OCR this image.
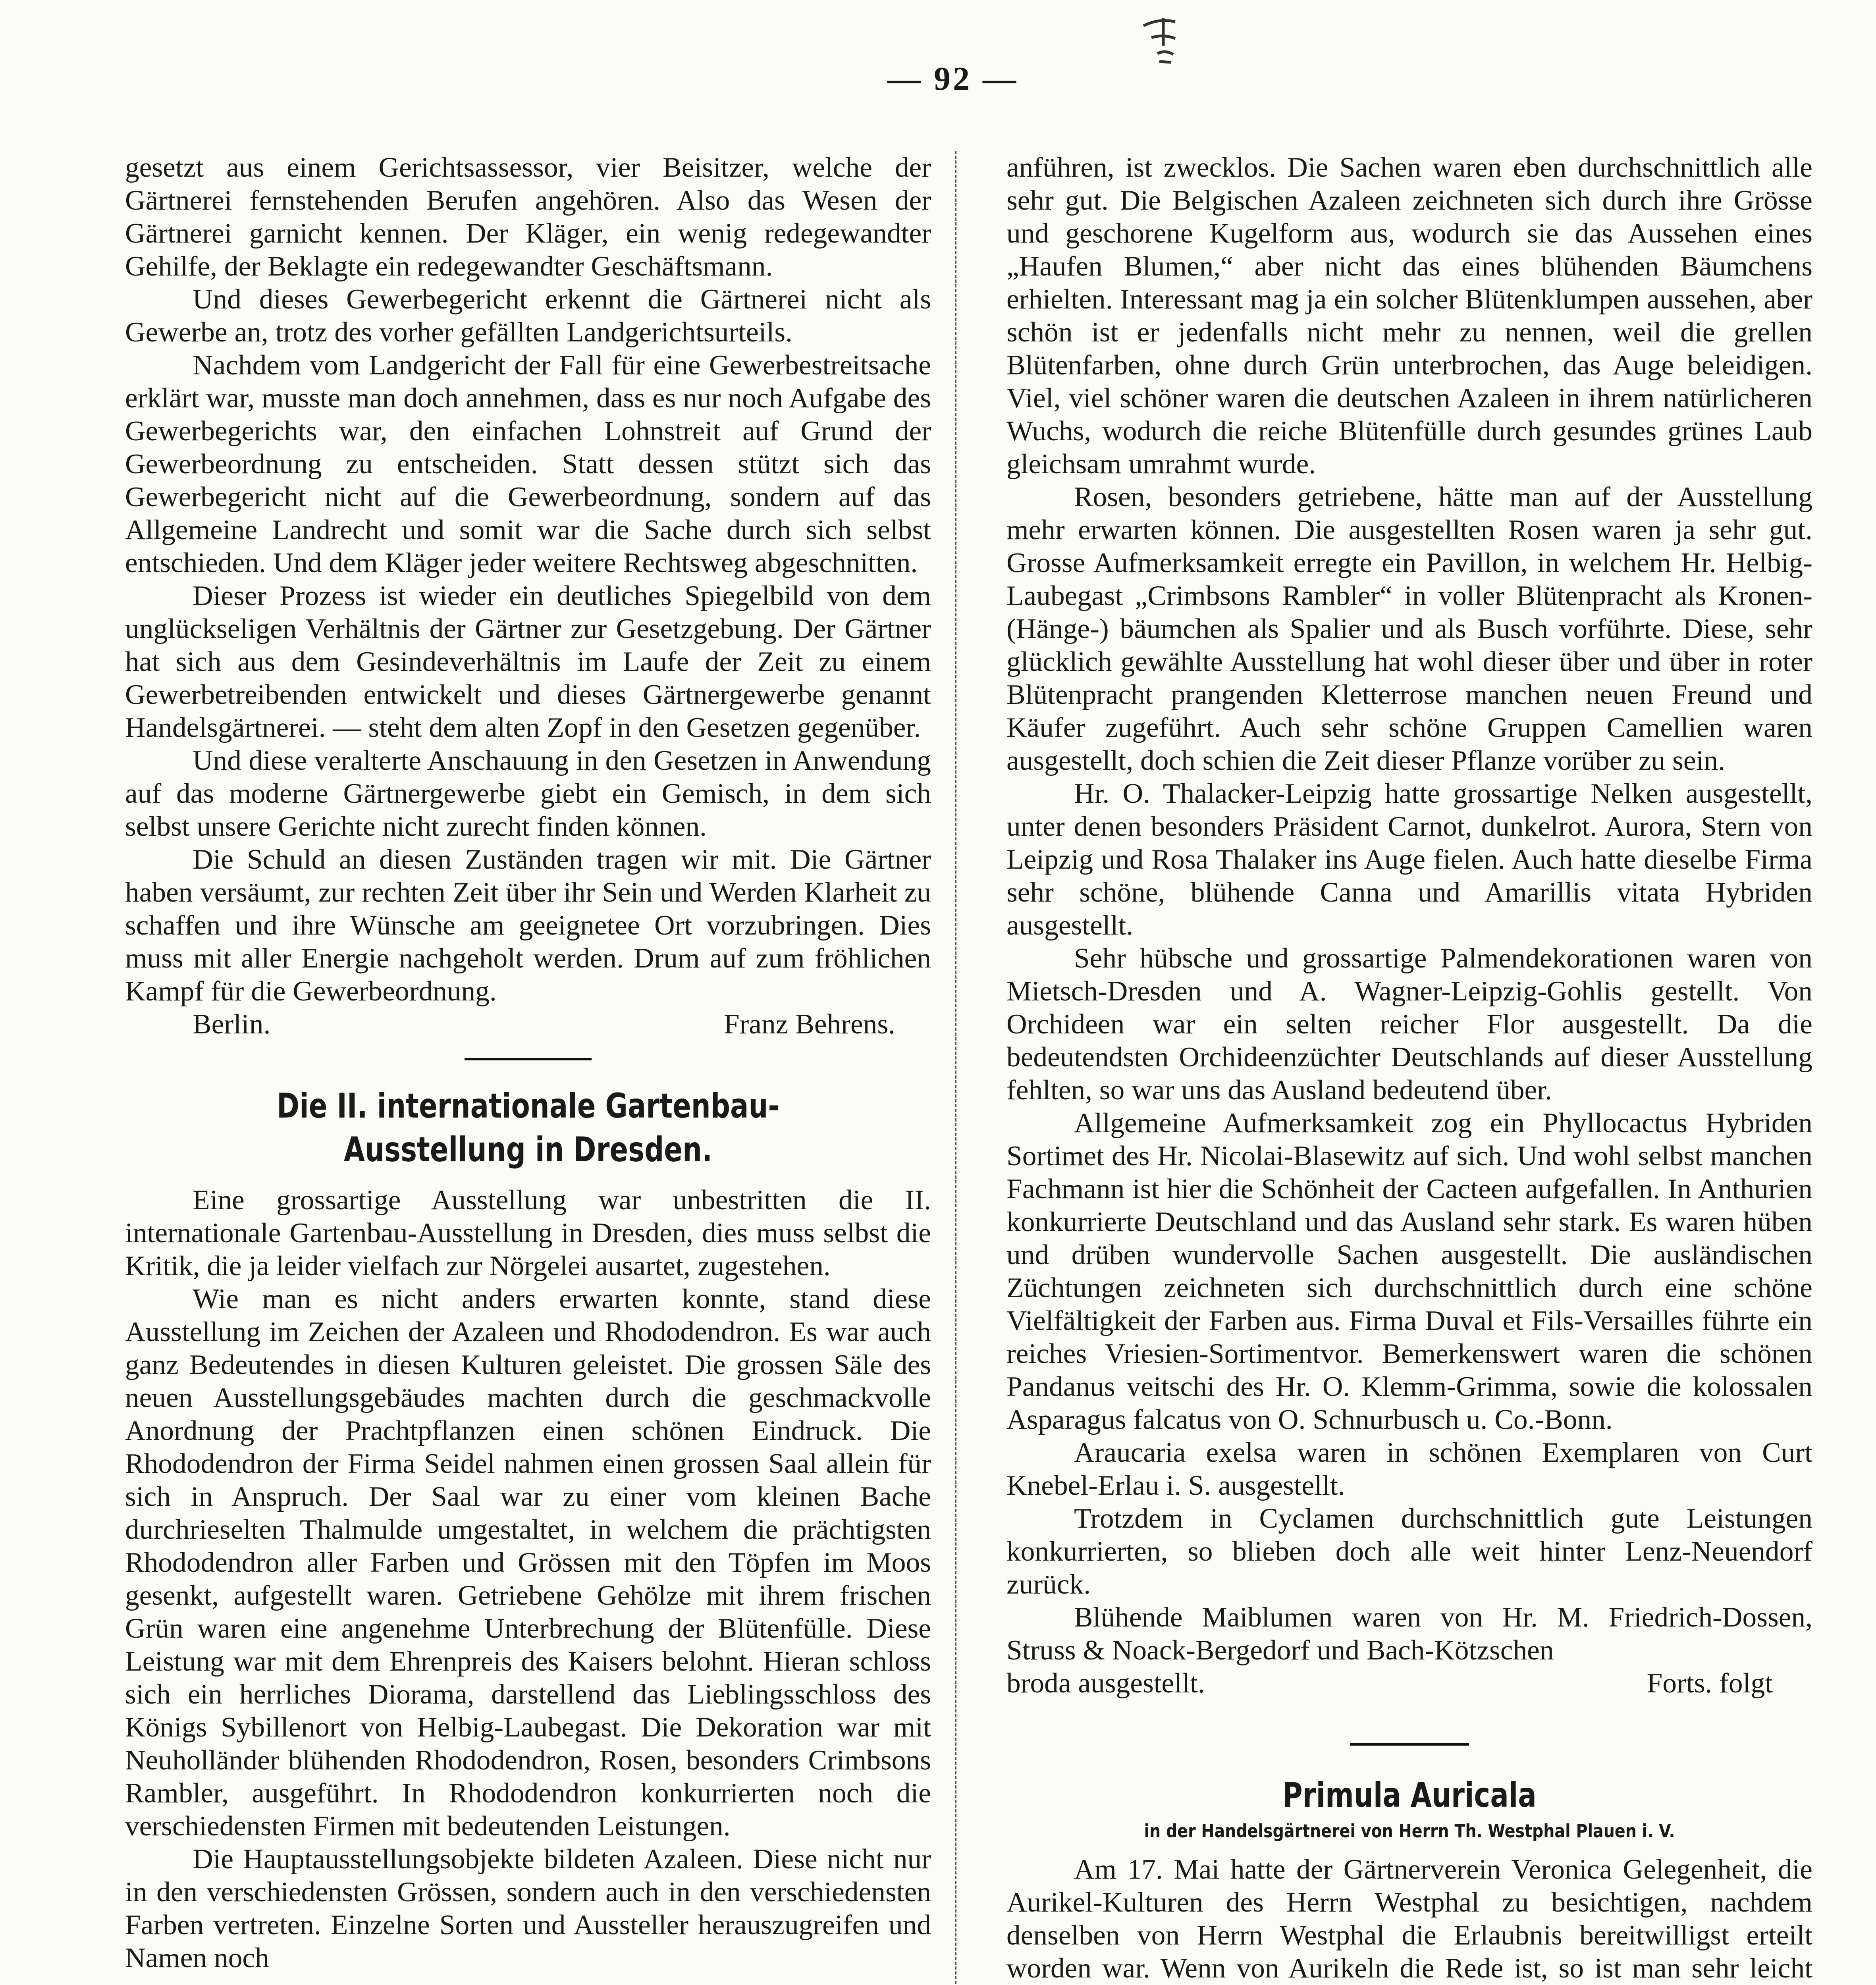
— 92 —

gesetzt aus einem Gerichtsassessor, vier Beisitzer, welche der Gärtnerei fernstehenden Berufen angehören. Also das Wesen der Gärtnerei garnicht kennen. Der Kläger, ein wenig redegewandter Gehilfe, der Beklagte ein redegewandter Geschäftsmann.

Und dieses Gewerbegericht erkennt die Gärtnerei nicht als Gewerbe an, trotz des vorher gefällten Landgerichtsurteils.

Nachdem vom Landgericht der Fall für eine Gewerbestreitsache erklärt war, musste man doch annehmen, dass es nur noch Aufgabe des Gewerbegerichts war, den einfachen Lohnstreit auf Grund der Gewerbeordnung zu entscheiden. Statt dessen stützt sich das Gewerbegericht nicht auf die Gewerbeordnung, sondern auf das Allgemeine Landrecht und somit war die Sache durch sich selbst entschieden. Und dem Kläger jeder weitere Rechtsweg abgeschnitten.

Dieser Prozess ist wieder ein deutliches Spiegelbild von dem unglückseligen Verhältnis der Gärtner zur Gesetzgebung. Der Gärtner hat sich aus dem Gesindeverhältnis im Laufe der Zeit zu einem Gewerbetreibenden entwickelt und dieses Gärtnergewerbe genannt Handelsgärtnerei. — steht dem alten Zopf in den Gesetzen gegenüber.

Und diese veralterte Anschauung in den Gesetzen in Anwendung auf das moderne Gärtnergewerbe giebt ein Gemisch, in dem sich selbst unsere Gerichte nicht zurecht finden können.

Die Schuld an diesen Zuständen tragen wir mit. Die Gärtner haben versäumt, zur rechten Zeit über ihr Sein und Werden Klarheit zu schaffen und ihre Wünsche am geeignetee Ort vorzubringen. Dies muss mit aller Energie nachgeholt werden. Drum auf zum fröhlichen Kampf für die Gewerbeordnung.

Berlin.	Franz Behrens.
Die II. internationale Gartenbau-Ausstellung in Dresden.

Eine grossartige Ausstellung war unbestritten die II. internationale Gartenbau-Ausstellung in Dresden, dies muss selbst die Kritik, die ja leider vielfach zur Nörgelei ausartet, zugestehen.

Wie man es nicht anders erwarten konnte, stand diese Ausstellung im Zeichen der Azaleen und Rhododendron. Es war auch ganz Bedeutendes in diesen Kulturen geleistet. Die grossen Säle des neuen Ausstellungsgebäudes machten durch die geschmackvolle Anordnung der Prachtpflanzen einen schönen Eindruck. Die Rhododendron der Firma Seidel nahmen einen grossen Saal allein für sich in Anspruch. Der Saal war zu einer vom kleinen Bache durchrieselten Thalmulde umgestaltet, in welchem die prächtigsten Rhododendron aller Farben und Grössen mit den Töpfen im Moos gesenkt, aufgestellt waren. Getriebene Gehölze mit ihrem frischen Grün waren eine angenehme Unterbrechung der Blütenfülle. Diese Leistung war mit dem Ehrenpreis des Kaisers belohnt. Hieran schloss sich ein herrliches Diorama, darstellend das Lieblingsschloss des Königs Sybillenort von Helbig-Laubegast. Die Dekoration war mit Neuholländer blühenden Rhododendron, Rosen, besonders Crimbsons Rambler, ausgeführt. In Rhododendron konkurrierten noch die verschiedensten Firmen mit bedeutenden Leistungen.

Die Hauptausstellungsobjekte bildeten Azaleen. Diese nicht nur in den verschiedensten Grössen, sondern auch in den verschiedensten Farben vertreten. Einzelne Sorten und Aussteller herauszugreifen und Namen noch

anführen, ist zwecklos. Die Sachen waren eben durchschnittlich alle sehr gut. Die Belgischen Azaleen zeichneten sich durch ihre Grösse und geschorene Kugelform aus, wodurch sie das Aussehen eines „Haufen Blumen,“ aber nicht das eines blühenden Bäumchens erhielten. Interessant mag ja ein solcher Blütenklumpen aussehen, aber schön ist er jedenfalls nicht mehr zu nennen, weil die grellen Blütenfarben, ohne durch Grün unterbrochen, das Auge beleidigen. Viel, viel schöner waren die deutschen Azaleen in ihrem natürlicheren Wuchs, wodurch die reiche Blütenfülle durch gesundes grünes Laub gleichsam umrahmt wurde.

Rosen, besonders getriebene, hätte man auf der Ausstellung mehr erwarten können. Die ausgestellten Rosen waren ja sehr gut. Grosse Aufmerksamkeit erregte ein Pavillon, in welchem Hr. Helbig-Laubegast „Crimbsons Rambler“ in voller Blütenpracht als Kronen- (Hänge-) bäumchen als Spalier und als Busch vorführte. Diese, sehr glücklich gewählte Ausstellung hat wohl dieser über und über in roter Blütenpracht prangenden Kletterrose manchen neuen Freund und Käufer zugeführt. Auch sehr schöne Gruppen Camellien waren ausgestellt, doch schien die Zeit dieser Pflanze vorüber zu sein.

Hr. O. Thalacker-Leipzig hatte grossartige Nelken ausgestellt, unter denen besonders Präsident Carnot, dunkelrot. Aurora, Stern von Leipzig und Rosa Thalaker ins Auge fielen. Auch hatte dieselbe Firma sehr schöne, blühende Canna und Amarillis vitata Hybriden ausgestellt.

Sehr hübsche und grossartige Palmendekorationen waren von Mietsch-Dresden und A. Wagner-Leipzig-Gohlis gestellt. Von Orchideen war ein selten reicher Flor ausgestellt. Da die bedeutendsten Orchideenzüchter Deutschlands auf dieser Ausstellung fehlten, so war uns das Ausland bedeutend über.

Allgemeine Aufmerksamkeit zog ein Phyllocactus Hybriden Sortimet des Hr. Nicolai-Blasewitz auf sich. Und wohl selbst manchen Fachmann ist hier die Schönheit der Cacteen aufgefallen. In Anthurien konkurrierte Deutschland und das Ausland sehr stark. Es waren hüben und drüben wundervolle Sachen ausgestellt. Die ausländischen Züchtungen zeichneten sich durchschnittlich durch eine schöne Vielfältigkeit der Farben aus. Firma Duval et Fils-Versailles führte ein reiches Vriesien-Sortimentvor. Bemerkenswert waren die schönen Pandanus veitschi des Hr. O. Klemm-Grimma, sowie die kolossalen Asparagus falcatus von O. Schnurbusch u. Co.-Bonn.

Araucaria exelsa waren in schönen Exemplaren von Curt Knebel-Erlau i. S. ausgestellt.

Trotzdem in Cyclamen durchschnittlich gute Leistungen konkurrierten, so blieben doch alle weit hinter Lenz-Neuendorf zurück.

Blühende Maiblumen waren von Hr. M. Friedrich-Dossen, Struss & Noack-Bergedorf und Bach-Kötzschen

broda ausgestellt.	Forts. folgt
Primula Auricala
in der Handelsgärtnerei von Herrn Th. Westphal Plauen i. V.

Am 17. Mai hatte der Gärtnerverein Veronica Gelegenheit, die Aurikel-Kulturen des Herrn Westphal zu besichtigen, nachdem denselben von Herrn Westphal die Erlaubnis bereitwilligst erteilt worden war. Wenn von Aurikeln die Rede ist, so ist man sehr leicht
